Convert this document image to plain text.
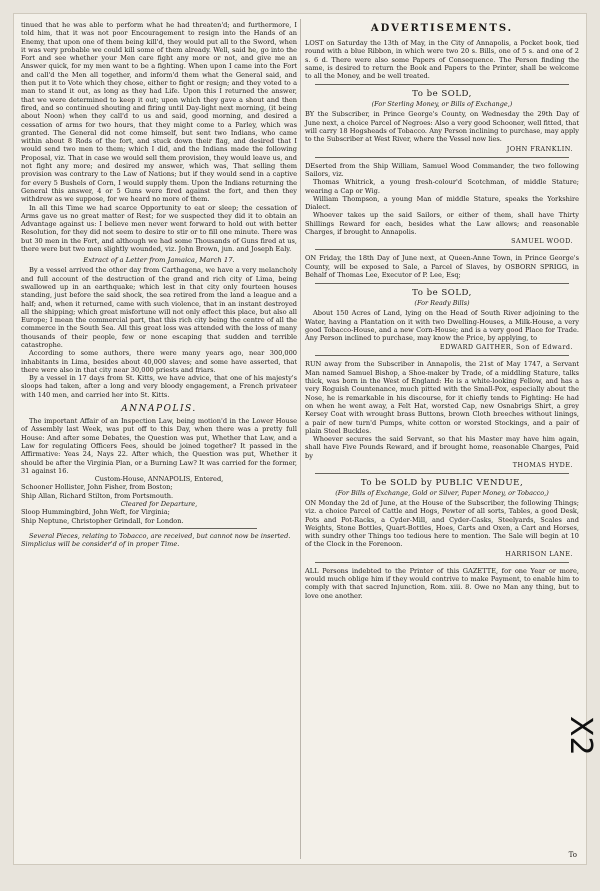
tinued that he was able to perform what he had threaten'd; and furthermore, I told him, that it was not poor Encouragement to resign into the Hands of an Enemy, that upon one of them being kill'd, they would put all to the Sword, when it was very probable we could kill some of them already. Well, said he, go into the Fort and see whether your Men care fight any more or not, and give me an Answer quick, for my men want to be a fighting. When upon I came into the Fort and call'd the Men all together, and inform'd them what the General said, and then put it to Vote which they chose, either to fight or resign; and they voted to a man to stand it out, as long as they had Life. Upon this I returned the answer, that we were determined to keep it out; upon which they gave a shout and then fired, and so continued shouting and firing until Day-light next morning, (it being about Noon) when they call'd to us and said, good morning, and desired a cessation of arms for two hours, that they might come to a Parley, which was granted. The General did not come himself, but sent two Indians, who came within about 8 Rods of the fort, and stuck down their flag, and desired that I would send two men to them; which I did, and the Indians made the following Proposal, viz. That in case we would sell them provision, they would leave us, and not fight any more; and desired my answer, which was, That selling them provision was contrary to the Law of Nations; but if they would send in a captive for every 5 Bushels of Corn, I would supply them. Upon the Indians returning the General this answer, 4 or 5 Guns were fired against the fort, and then they withdrew as we suppose, for we heard no more of them.

In all this Time we had scarce Opportunity to eat or sleep; the cessation of Arms gave us no great matter of Rest; for we suspected they did it to obtain an Advantage against us: I believe men never went forward to hold out with better Resolution, for they did not seem to desire to stir or to fill one minute. There was but 30 men in the Fort, and although we had some Thousands of Guns fired at us, there were but two men slightly wounded, viz. John Brown, jun. and Joseph Ealy.

Extract of a Letter from Jamaica, March 17.

By a vessel arrived the other day from Carthagena, we have a very melancholy and full account of the destruction of the grand and rich city of Lima, being swallowed up in an earthquake; which lest in that city only fourteen houses standing, just before the said shock, the sea retired from the land a league and a half; and, when it returned, came with such violence, that in an instant destroyed all the shipping; which great misfortune will not only effect this place, but also all Europe; I mean the commercial part, that this rich city being the centre of all the commerce in the South Sea. All this great loss was attended with the loss of many thousands of their people, few or none escaping that sudden and terrible catastrophe.

According to some authors, there were many years ago, near 300,000 inhabitants in Lima, besides about 40,000 slaves; and some have asserted, that there were also in that city near 30,000 priests and friars.

By a vessel in 17 days from St. Kitts, we have advice, that one of his majesty's sloops had taken, after a long and very bloody engagement, a French privateer with 140 men, and carried her into St. Kitts.

ANNAPOLIS.

The important Affair of an Inspection Law, being motion'd in the Lower House of Assembly last Week, was put off to this Day, when there was a pretty full House: And after some Debates, the Question was put, Whether that Law, and a Law for regulating Officers Fees, should be joined together? It passed in the Affirmative: Yeas 24, Nays 22. After which, the Question was put, Whether it should be after the Virginia Plan, or a Burning Law? It was carried for the former, 31 against 16.

Custom-House, ANNAPOLIS, Entered,

Schooner Hollister, John Fisher, from Boston;

Ship Allan, Richard Stilton, from Portsmouth.

Cleared for Departure,

Sloop Hummingbird, John Weft, for Virginia;

Ship Neptune, Christopher Grindall, for London.

Several Pieces, relating to Tobacco, are received, but cannot now be inserted. Simplicius will be consider'd of in proper Time.

ADVERTISEMENTS.

LOST on Saturday the 13th of May, in the City of Annapolis, a Pocket book, tied round with a blue Ribbon, in which were two 20 s. Bills, one of 5 s. and one of 2 s. 6 d. There were also some Papers of Consequence. The Person finding the same, is desired to return the Book and Papers to the Printer, shall be welcome to all the Money, and be well treated.

To be SOLD,

(For Sterling Money, or Bills of Exchange,)

BY the Subscriber, in Prince George's County, on Wednesday the 29th Day of June next, a choice Parcel of Negroes: Also a very good Schooner, well fitted, that will carry 18 Hogsheads of Tobacco. Any Person inclining to purchase, may apply to the Subscriber at West River, where the Vessel now lies.

JOHN FRANKLIN.

DEserted from the Ship William, Samuel Wood Commander, the two following Sailors, viz.

Thomas Whitrick, a young fresh-colour'd Scotchman, of middle Stature; wearing a Cap or Wig.

William Thompson, a young Man of middle Stature, speaks the Yorkshire Dialect.

Whoever takes up the said Sailors, or either of them, shall have Thirty Shillings Reward for each, besides what the Law allows; and reasonable Charges, if brought to Annapolis.

SAMUEL WOOD.

ON Friday, the 18th Day of June next, at Queen-Anne Town, in Prince George's County, will be exposed to Sale, a Parcel of Slaves, by OSBORN SPRIGG, in Behalf of Thomas Lee, Executor of P. Lee, Esq;

To be SOLD,

(For Ready Bills)

About 150 Acres of Land, lying on the Head of South River adjoining to the Water, having a Plantation on it with two Dwelling-Houses, a Milk-House, a very good Tobacco-House, and a new Corn-House; and is a very good Place for Trade. Any Person inclined to purchase, may know the Price, by applying, to

EDWARD GAITHER, Son of Edward.

RUN away from the Subscriber in Annapolis, the 21st of May 1747, a Servant Man named Samuel Bishop, a Shoe-maker by Trade, of a middling Stature, talks thick, was born in the West of England: He is a white-looking Fellow, and has a very Roguish Countenance, much pitted with the Small-Pox, especially about the Nose, he is remarkable in his discourse, for it chiefly tends to Fighting: He had on when he went away, a Felt Hat, worsted Cap, new Osnabrigs Shirt, a grey Kersey Coat with wrought brass Buttons, brown Cloth breeches without linings, a pair of new turn'd Pumps, white cotton or worsted Stockings, and a pair of plain Steel Buckles.

Whoever secures the said Servant, so that his Master may have him again, shall have Five Pounds Reward, and if brought home, reasonable Charges, Paid by

THOMAS HYDE.

To be SOLD by PUBLIC VENDUE,

(For Bills of Exchange, Gold or Silver, Paper Money, or Tobacco,)

ON Monday the 2d of June, at the House of the Subscriber, the following Things; viz. a choice Parcel of Cattle and Hogs, Pewter of all sorts, Tables, a good Desk, Pots and Pot-Racks, a Cyder-Mill, and Cyder-Casks, Steelyards, Scales and Weights, Stone Bottles, Quart-Bottles, Hoes, Carts and Oxen, a Cart and Horses, with sundry other Things too tedious here to mention. The Sale will begin at 10 of the Clock in the Forenoon.

HARRISON LANE.

ALL Persons indebted to the Printer of this GAZETTE, for one Year or more, would much oblige him if they would contrive to make Payment, to enable him to comply with that sacred Injunction, Rom. xiii. 8. Owe no Man any thing, but to love one another.

To
X2
